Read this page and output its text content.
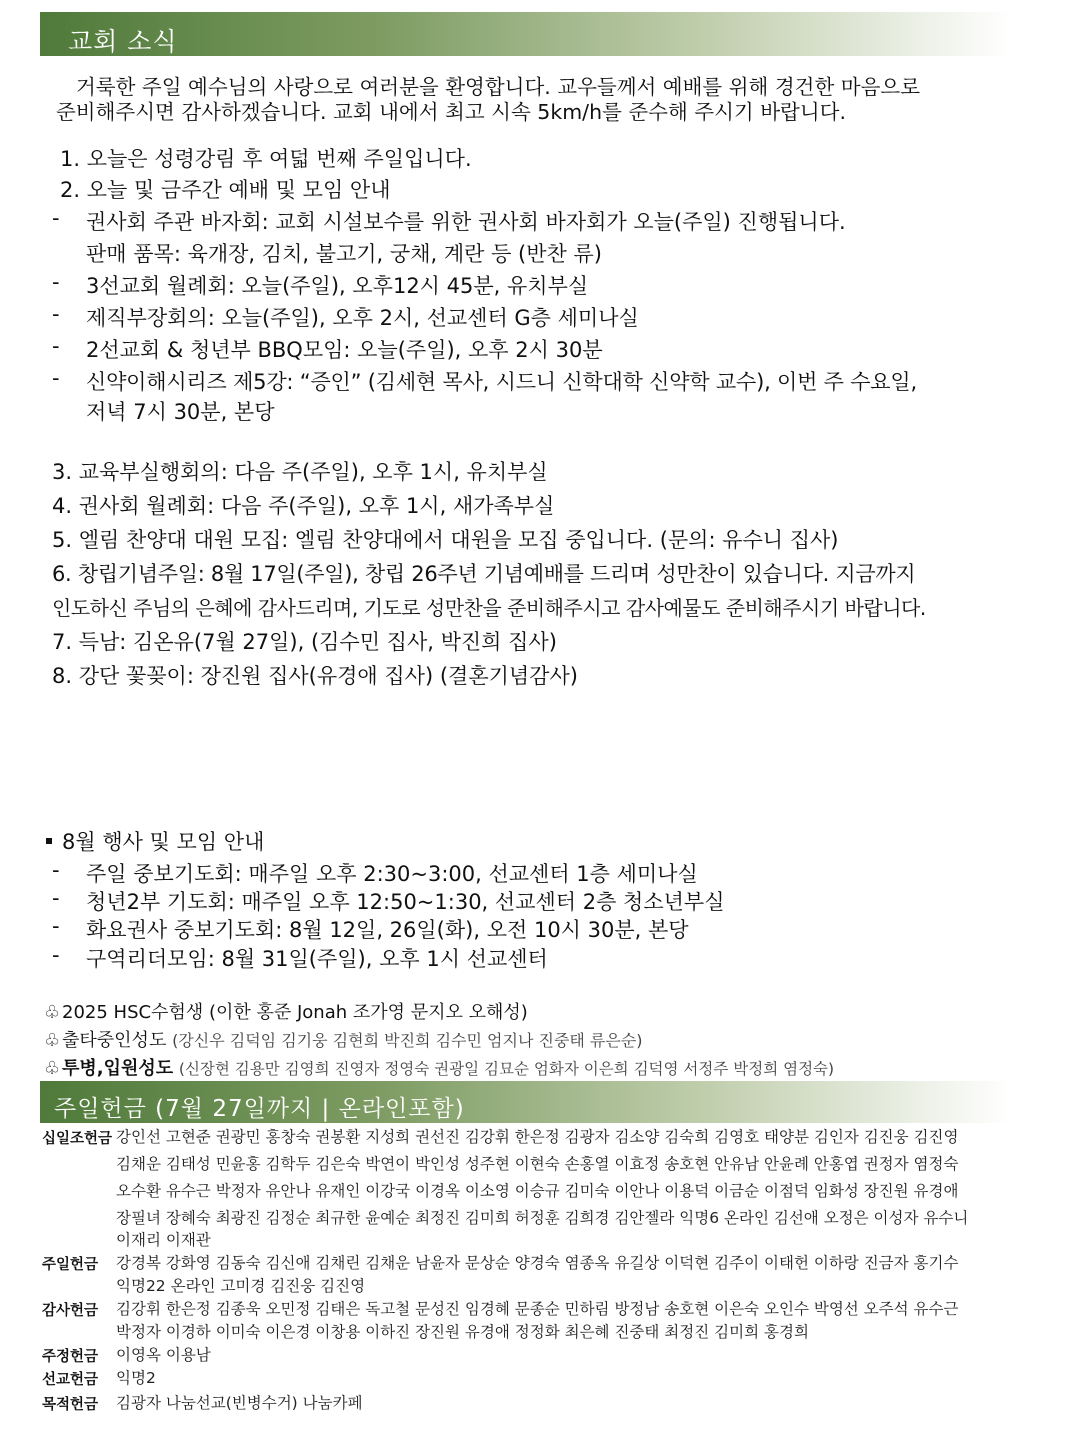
교회 소식
거룩한 주일 예수님의 사랑으로 여러분을 환영합니다. 교우들께서 예배를 위해 경건한 마음으로
준비해주시면 감사하겠습니다. 교회 내에서 최고 시속 5km/h를 준수해 주시기 바랍니다.
1. 오늘은 성령강림 후 여덟 번째 주일입니다.
2. 오늘 및 금주간 예배 및 모임 안내
- 권사회 주관 바자회: 교회 시설보수를 위한 권사회 바자회가 오늘(주일) 진행됩니다.
판매 품목: 육개장, 김치, 불고기, 궁채, 계란 등 (반찬 류)
- 3선교회 월례회: 오늘(주일), 오후12시 45분, 유치부실
- 제직부장회의: 오늘(주일), 오후 2시, 선교센터 G층 세미나실
- 2선교회 & 청년부 BBQ모임: 오늘(주일), 오후 2시 30분
- 신약이해시리즈 제5강: “증인” (김세현 목사, 시드니 신학대학 신약학 교수), 이번 주 수요일,
저녁 7시 30분, 본당
3. 교육부실행회의: 다음 주(주일), 오후 1시, 유치부실
4. 권사회 월례회: 다음 주(주일), 오후 1시, 새가족부실
5. 엘림 찬양대 대원 모집: 엘림 찬양대에서 대원을 모집 중입니다. (문의: 유수니 집사)
6. 창립기념주일: 8월 17일(주일), 창립 26주년 기념예배를 드리며 성만찬이 있습니다. 지금까지
인도하신 주님의 은혜에 감사드리며, 기도로 성만찬을 준비해주시고 감사예물도 준비해주시기 바랍니다.
7. 득남: 김온유(7월 27일), (김수민 집사, 박진희 집사)
8. 강단 꽃꽂이: 장진원 집사(유경애 집사) (결혼기념감사)
8월 행사 및 모임 안내
- 주일 중보기도회: 매주일 오후 2:30~3:00, 선교센터 1층 세미나실
- 청년2부 기도회: 매주일 오후 12:50~1:30, 선교센터 2층 청소년부실
- 화요권사 중보기도회: 8월 12일, 26일(화), 오전 10시 30분, 본당
- 구역리더모임: 8월 31일(주일), 오후 1시 선교센터
♧ 2025 HSC수험생 (이한 홍준 Jonah 조가영 문지오 오해성)
♧ 출타중인성도 (강신우 김덕임 김기웅 김현희 박진희 김수민 엄지나 진중태 류은순)
♧ 투병,입원성도 (신장현 김용만 김영희 진영자 정영숙 권광일 김묘순 엄화자 이은희 김덕영 서정주 박정희 염정숙)
주일헌금 (7월 27일까지 | 온라인포함)
십일조헌금 강인선 고현준 권광민 홍창숙 권봉환 지성희 권선진 김강휘 한은정 김광자 김소양 김숙희 김영호 태양분 김인자 김진웅 김진영
김채운 김태성 민윤홍 김학두 김은숙 박연이 박인성 성주현 이현숙 손홍열 이효정 송호현 안유남 안윤례 안홍엽 권정자 염정숙
오수환 유수근 박정자 유안나 유재인 이강국 이경옥 이소영 이승규 김미숙 이안나 이용덕 이금순 이점덕 임화성 장진원 유경애
장필녀 장혜숙 최광진 김정순 최규한 윤예순 최정진 김미희 허정훈 김희경 김안젤라 익명6 온라인 김선애 오정은 이성자 유수니
이재리 이재관
주일헌금 강경복 강화영 김동숙 김신애 김채린 김채운 남윤자 문상순 양경숙 염종옥 유길상 이덕현 김주이 이태헌 이하랑 진금자 홍기수
익명22 온라인 고미경 김진웅 김진영
감사헌금 김강휘 한은정 김종욱 오민정 김태은 독고철 문성진 임경혜 문종순 민하림 방정남 송호현 이은숙 오인수 박영선 오주석 유수근
박정자 이경하 이미숙 이은경 이창용 이하진 장진원 유경애 정정화 최은혜 진중태 최정진 김미희 홍경희
주정헌금 이영옥 이용남
선교헌금 익명2
목적헌금 김광자 나눔선교(빈병수거) 나눔카페
